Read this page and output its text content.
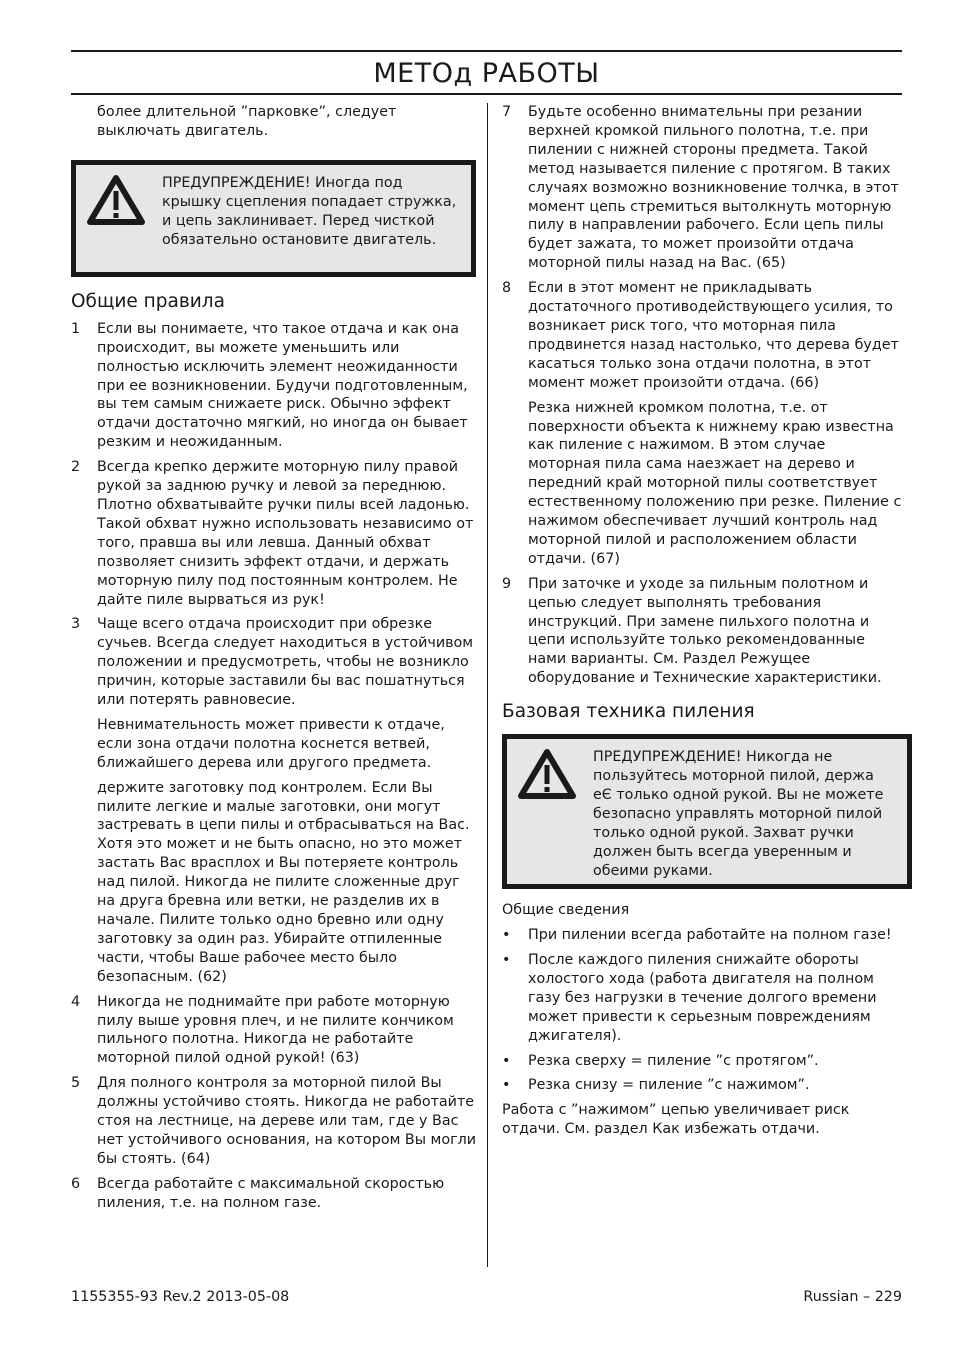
МЕТОд РАБОТЫ

более длительной ”парковке”, следует выключать двигатель.

ПРЕДУПРЕЖДЕНИЕ! Иногда под крышку сцепления попадает стружка, и цепь заклинивает. Перед чисткой обязательно остановите двигатель.

Общие правила
1 Если вы понимаете, что такое отдача и как она происходит, вы можете уменьшить или полностью исключить элемент неожиданности при ее возникновении. Будучи подготовленным, вы тем самым снижаете риск. Обычно эффект отдачи достаточно мягкий, но иногда он бывает резким и неожиданным.

2 Всегда крепко держите моторную пилу правой рукой за заднюю ручку и левой за переднюю. Плотно обхватывайте ручки пилы всей ладонью. Такой обхват нужно использовать независимо от того, правша вы или левша. Данный обхват позволяет снизить эффект отдачи, и держать моторную пилу под постоянным контролем. Не дайте пиле вырваться из рук!

3 Чаще всего отдача происходит при обрезке сучьев. Всегда следует находиться в устойчивом положении и предусмотреть, чтобы не возникло причин, которые заставили бы вас пошатнуться или потерять равновесие.

Невнимательность может привести к отдаче, если зона отдачи полотна коснется ветвей, ближайшего дерева или другого предмета.

держите заготовку под контролем. Если Вы пилите легкие и малые заготовки, они могут застревать в цепи пилы и отбрасываться на Вас. Хотя это может и не быть опасно, но это может застать Вас врасплох и Вы потеряете контроль над пилой. Никогда не пилите сложенные друг на друга бревна или ветки, не разделив их в начале. Пилите только одно бревно или одну заготовку за один раз. Убирайте отпиленные части, чтобы Ваше рабочее место было безопасным. (62)

4 Никогда не поднимайте при работе моторную пилу выше уровня плеч, и не пилите кончиком пильного полотна. Никогда не работайте моторной пилой одной рукой! (63)

5 Для полного контроля за моторной пилой Вы должны устойчиво стоять. Никогда не работайте стоя на лестнице, на дереве или там, где у Вас нет устойчивого основания, на котором Вы могли бы стоять. (64)

6 Всегда работайте с максимальной скоростью пиления, т.е. на полном газе.

7 Будьте особенно внимательны при резании верхней кромкой пильного полотна, т.е. при пилении с нижней стороны предмета. Такой метод называется пиление с протягом. В таких случаях возможно возникновение толчка, в этот момент цепь стремиться вытолкнуть моторную пилу в направлении рабочего. Если цепь пилы будет зажата, то может произойти отдача моторной пилы назад на Вас. (65)

8 Если в этот момент не прикладывать достаточного противодействующего усилия, то возникает риск того, что моторная пила продвинется назад настолько, что дерева будет касаться только зона отдачи полотна, в этот момент может произойти отдача. (66)

Резка нижней кромком полотна, т.е. от поверхности объекта к нижнему краю известна как пиление с нажимом. В этом случае моторная пила сама наезжает на дерево и передний край моторной пилы соответствует естественному положению при резке. Пиление с нажимом обеспечивает лучший контроль над моторной пилой и расположением области отдачи. (67)

9 При заточке и уходе за пильным полотном и цепью следует выполнять требования инструкций. При замене пильхого полотна и цепи используйте только рекомендованные нами варианты. См. Раздел Режущее оборудование и Технические характеристики.

Базовая техника пиления

ПРЕДУПРЕЖДЕНИЕ! Никогда не пользуйтесь моторной пилой, держа еЄ только одной рукой. Вы не можете безопасно управлять моторной пилой только одной рукой. Захват ручки должен быть всегда уверенным и обеими руками.

Общие сведения

• При пилении всегда работайте на полном газе!

• После каждого пиления снижайте обороты холостого хода (работа двигателя на полном газу без нагрузки в течение долгого времени может привести к серьезным повреждениям джигателя).

• Резка сверху = пиление ”с протягом”.

• Резка снизу = пиление ”с нажимом”.

Работа с ”нажимом” цепью увеличивает риск отдачи. См. раздел Как избежать отдачи.

1155355-93 Rev.2 2013-05-08	Russian – 229
